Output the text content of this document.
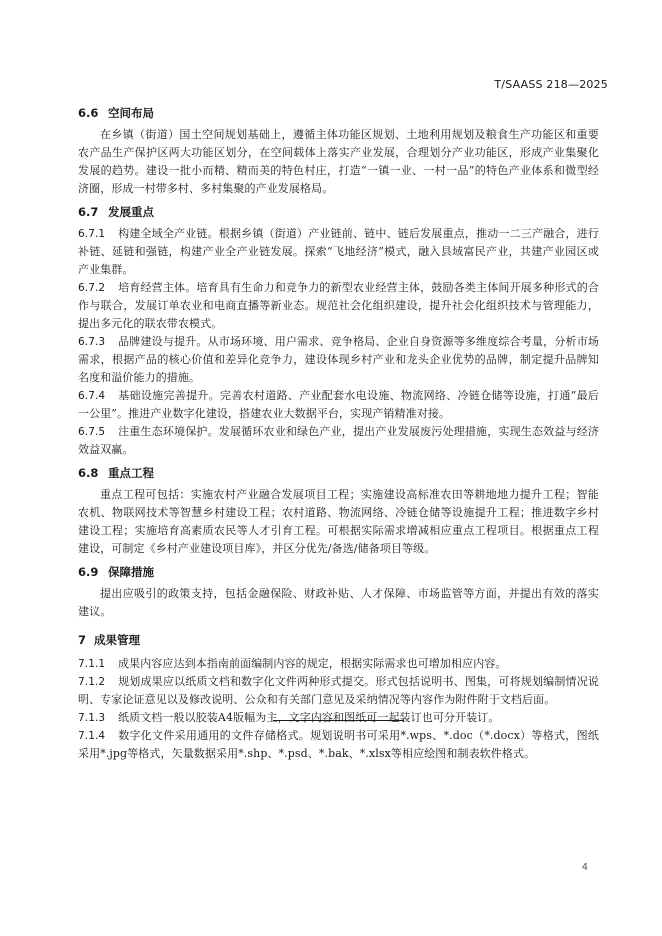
T/SAASS 218—2025
6.6 空间布局

在乡镇（街道）国土空间规划基础上，遵循主体功能区规划、土地利用规划及粮食生产功能区和重要农产品生产保护区两大功能区划分，在空间载体上落实产业发展，合理划分产业功能区，形成产业集聚化发展的趋势。建设一批小而精、精而美的特色村庄，打造“一镇一业、一村一品”的特色产业体系和微型经济圈，形成一村带多村、多村集聚的产业发展格局。

6.7 发展重点

6.7.1 构建全域全产业链。根据乡镇（街道）产业链前、链中、链后发展重点，推动一二三产融合，进行补链、延链和强链，构建产业全产业链发展。探索“飞地经济”模式，融入县域富民产业，共建产业园区或产业集群。

6.7.2 培育经营主体。培育具有生命力和竞争力的新型农业经营主体，鼓励各类主体间开展多种形式的合作与联合，发展订单农业和电商直播等新业态。规范社会化组织建设，提升社会化组织技术与管理能力，提出多元化的联农带农模式。

6.7.3 品牌建设与提升。从市场环境、用户需求、竞争格局、企业自身资源等多维度综合考量，分析市场需求，根据产品的核心价值和差异化竞争力，建设体现乡村产业和龙头企业优势的品牌，制定提升品牌知名度和溢价能力的措施。

6.7.4 基础设施完善提升。完善农村道路、产业配套水电设施、物流网络、冷链仓储等设施，打通“最后一公里”。推进产业数字化建设，搭建农业大数据平台，实现产销精准对接。

6.7.5 注重生态环境保护。发展循环农业和绿色产业，提出产业发展废污处理措施，实现生态效益与经济效益双赢。

6.8 重点工程

重点工程可包括：实施农村产业融合发展项目工程；实施建设高标准农田等耕地地力提升工程；智能农机、物联网技术等智慧乡村建设工程；农村道路、物流网络、冷链仓储等设施提升工程；推进数字乡村建设工程；实施培育高素质农民等人才引育工程。可根据实际需求增减相应重点工程项目。根据重点工程建设，可制定《乡村产业建设项目库》，并区分优先/备选/储备项目等级。

6.9 保障措施

提出应吸引的政策支持，包括金融保险、财政补贴、人才保障、市场监管等方面，并提出有效的落实建议。

7 成果管理

7.1.1 成果内容应达到本指南前面编制内容的规定，根据实际需求也可增加相应内容。

7.1.2 规划成果应以纸质文档和数字化文件两种形式提交。形式包括说明书、图集，可将规划编制情况说明、专家论证意见以及修改说明、公众和有关部门意见及采纳情况等内容作为附件附于文档后面。

7.1.3 纸质文档一般以胶装A4版幅为主，文字内容和图纸可一起装订也可分开装订。

7.1.4 数字化文件采用通用的文件存储格式。规划说明书可采用*.wps、*.doc（*.docx）等格式，图纸采用*.jpg等格式，矢量数据采用*.shp、*.psd、*.bak、*.xlsx等相应绘图和制表软件格式。

4
